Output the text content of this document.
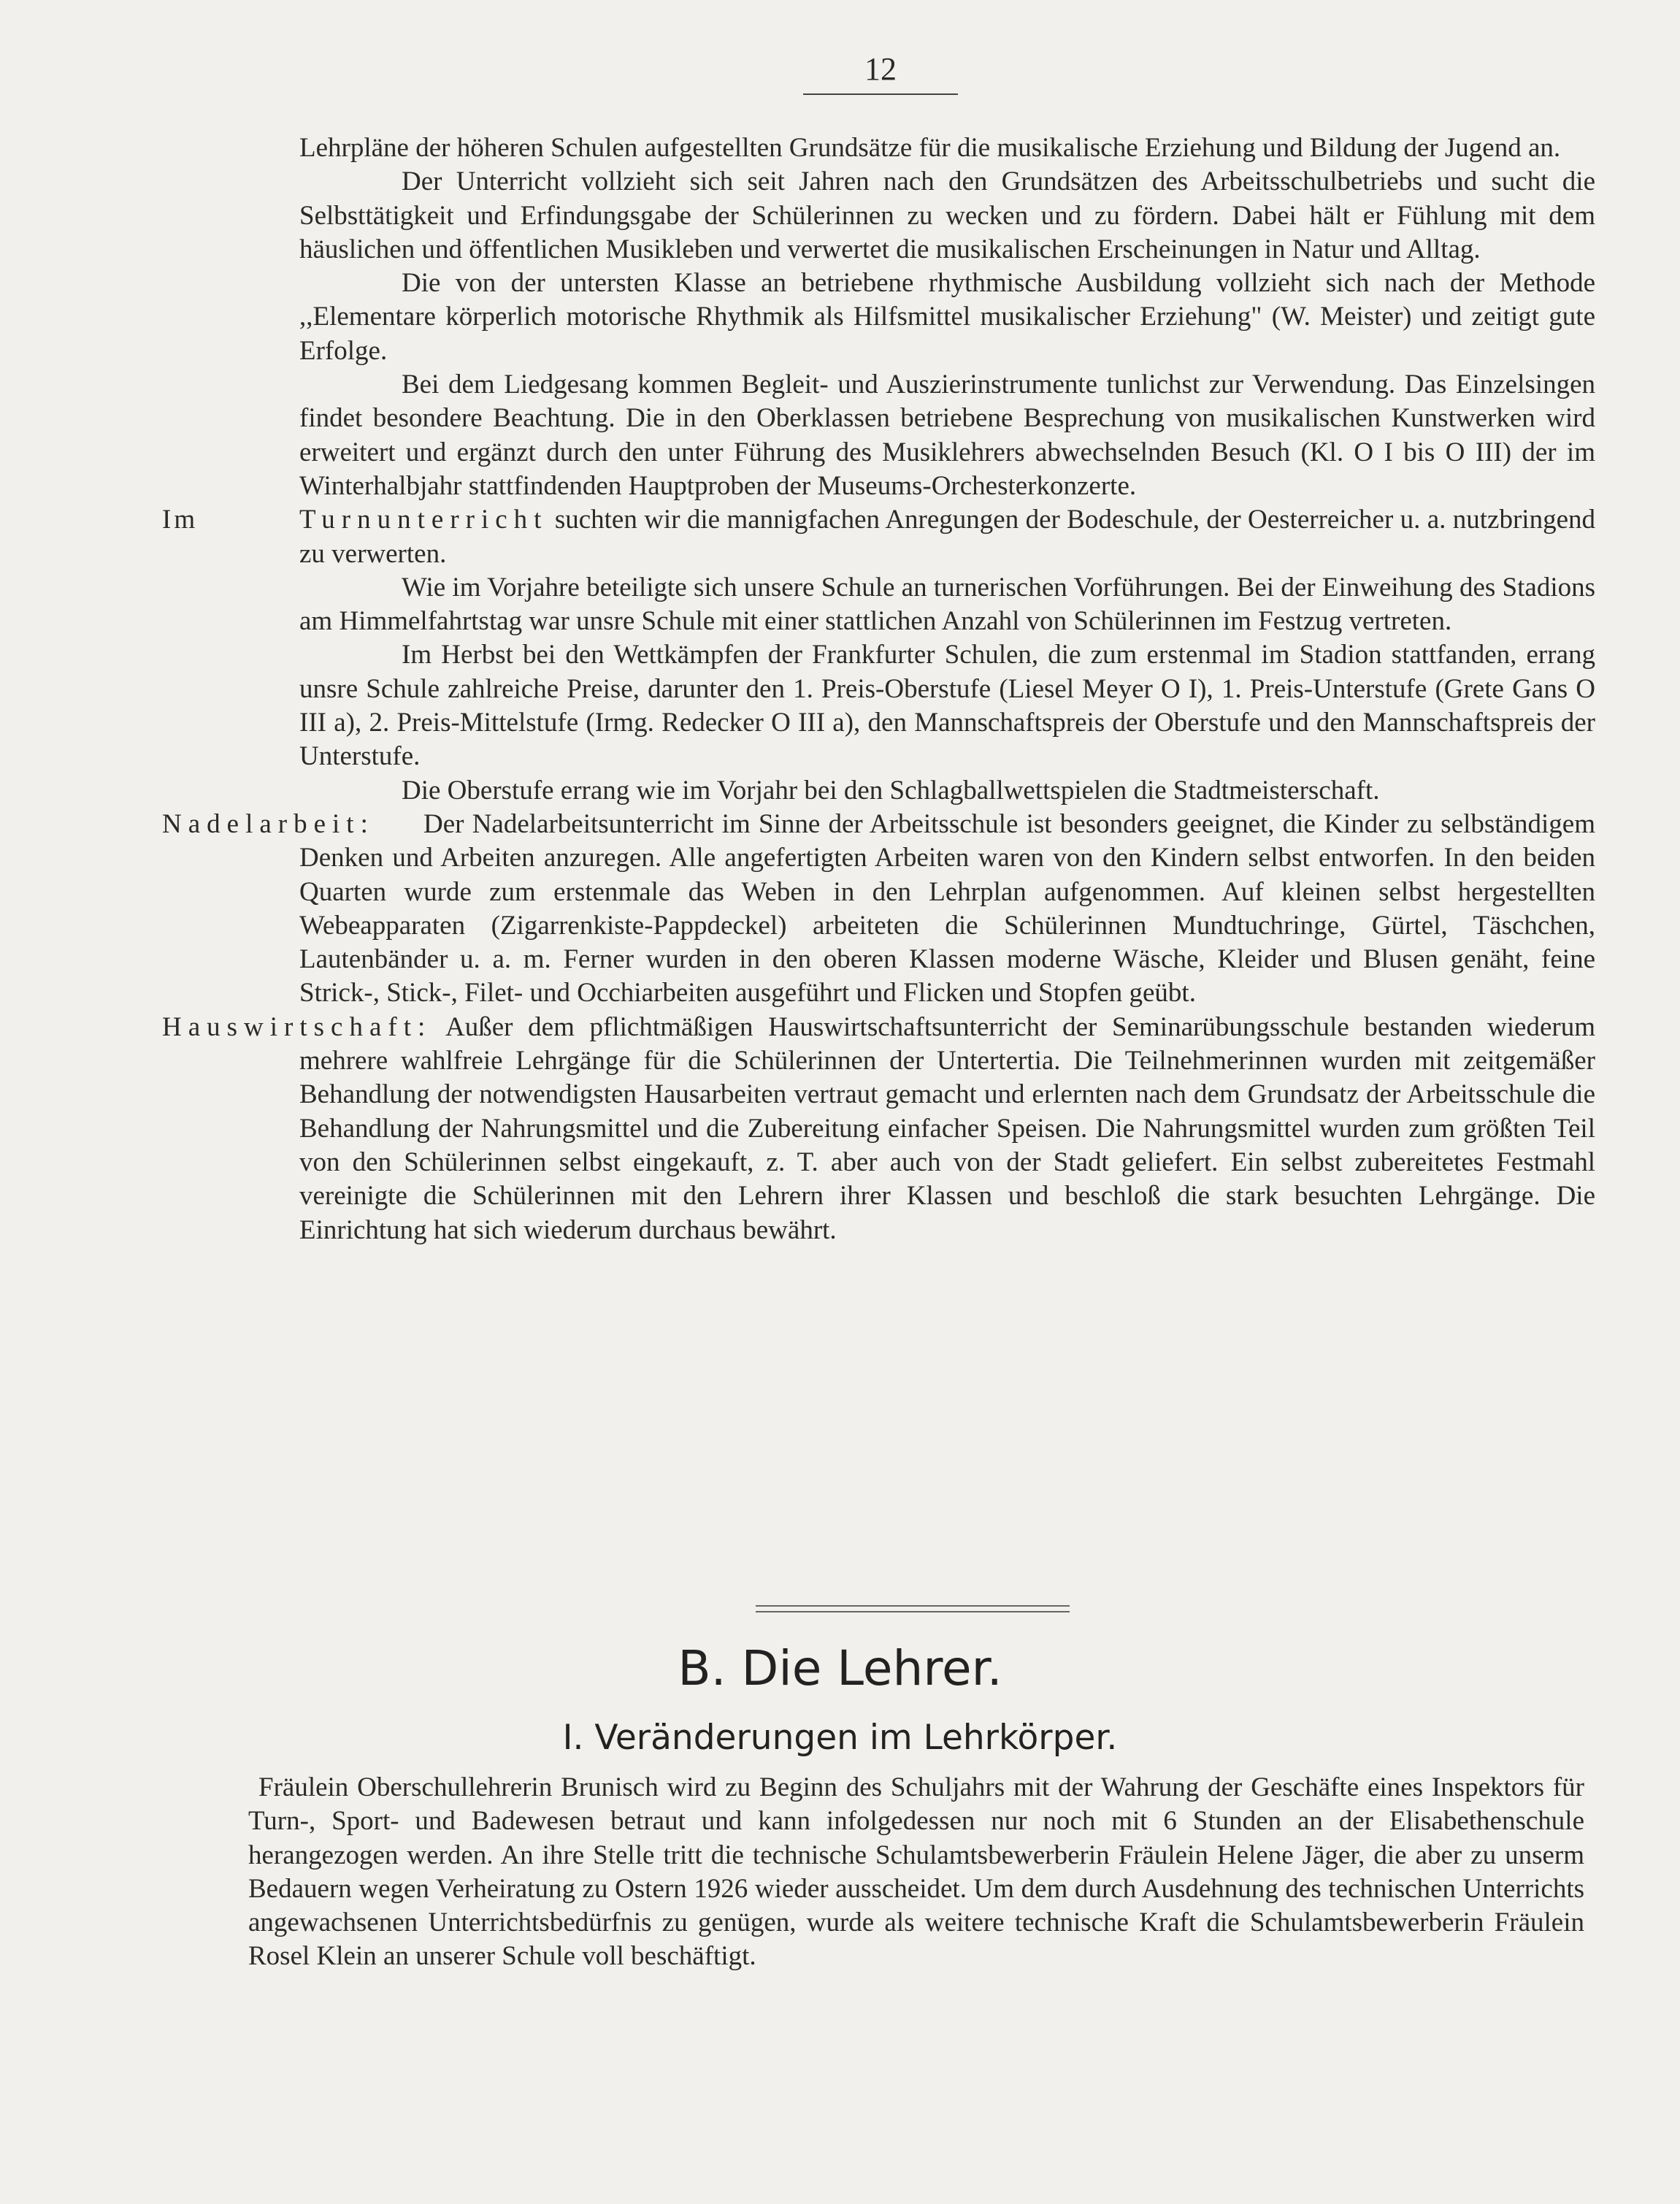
12

Lehrpläne der höheren Schulen aufgestellten Grundsätze für die musikalische Erziehung und Bildung der Jugend an.

Der Unterricht vollzieht sich seit Jahren nach den Grundsätzen des Arbeitsschulbetriebs und sucht die Selbsttätigkeit und Erfindungsgabe der Schülerinnen zu wecken und zu fördern. Dabei hält er Fühlung mit dem häuslichen und öffentlichen Musikleben und verwertet die musikalischen Erscheinungen in Natur und Alltag.

Die von der untersten Klasse an betriebene rhythmische Ausbildung vollzieht sich nach der Methode ,,Elementare körperlich motorische Rhythmik als Hilfsmittel musikalischer Erziehung" (W. Meister) und zeitigt gute Erfolge.

Bei dem Liedgesang kommen Begleit- und Auszierinstrumente tunlichst zur Verwendung. Das Einzelsingen findet besondere Beachtung. Die in den Oberklassen betriebene Besprechung von musikalischen Kunstwerken wird erweitert und ergänzt durch den unter Führung des Musiklehrers abwechselnden Besuch (Kl. O I bis O III) der im Winterhalbjahr stattfindenden Hauptproben der Museums-Orchesterkonzerte.

Im	Turnunterricht suchten wir die mannigfachen Anregungen der Bodeschule, der Oesterreicher u. a. nutzbringend zu verwerten.

Wie im Vorjahre beteiligte sich unsere Schule an turnerischen Vorführungen. Bei der Einweihung des Stadions am Himmelfahrtstag war unsre Schule mit einer stattlichen Anzahl von Schülerinnen im Festzug vertreten.

Im Herbst bei den Wettkämpfen der Frankfurter Schulen, die zum erstenmal im Stadion stattfanden, errang unsre Schule zahlreiche Preise, darunter den 1. Preis-Oberstufe (Liesel Meyer O I), 1. Preis-Unterstufe (Grete Gans O III a), 2. Preis-Mittelstufe (Irmg. Redecker O III a), den Mannschaftspreis der Oberstufe und den Mannschaftspreis der Unterstufe.

Die Oberstufe errang wie im Vorjahr bei den Schlagballwettspielen die Stadtmeisterschaft.

Nadelarbeit:	Der Nadelarbeitsunterricht im Sinne der Arbeitsschule ist besonders geeignet, die Kinder zu selbständigem Denken und Arbeiten anzuregen. Alle angefertigten Arbeiten waren von den Kindern selbst entworfen. In den beiden Quarten wurde zum erstenmale das Weben in den Lehrplan aufgenommen. Auf kleinen selbst hergestellten Webeapparaten (Zigarrenkiste-Pappdeckel) arbeiteten die Schülerinnen Mundtuchringe, Gürtel, Täschchen, Lautenbänder u. a. m. Ferner wurden in den oberen Klassen moderne Wäsche, Kleider und Blusen genäht, feine Strick-, Stick-, Filet- und Occhiarbeiten ausgeführt und Flicken und Stopfen geübt.

Hauswirtschaft: Außer dem pflichtmäßigen Hauswirtschaftsunterricht der Seminarübungsschule bestanden wiederum mehrere wahlfreie Lehrgänge für die Schülerinnen der Untertertia. Die Teilnehmerinnen wurden mit zeitgemäßer Behandlung der notwendigsten Hausarbeiten vertraut gemacht und erlernten nach dem Grundsatz der Arbeitsschule die Behandlung der Nahrungsmittel und die Zubereitung einfacher Speisen. Die Nahrungsmittel wurden zum größten Teil von den Schülerinnen selbst eingekauft, z. T. aber auch von der Stadt geliefert. Ein selbst zubereitetes Festmahl vereinigte die Schülerinnen mit den Lehrern ihrer Klassen und beschloß die stark besuchten Lehrgänge. Die Einrichtung hat sich wiederum durchaus bewährt.

B. Die Lehrer.
I. Veränderungen im Lehrkörper.

Fräulein Oberschullehrerin Brunisch wird zu Beginn des Schuljahrs mit der Wahrung der Geschäfte eines Inspektors für Turn-, Sport- und Badewesen betraut und kann infolgedessen nur noch mit 6 Stunden an der Elisabethenschule herangezogen werden. An ihre Stelle tritt die technische Schulamtsbewerberin Fräulein Helene Jäger, die aber zu unserm Bedauern wegen Verheiratung zu Ostern 1926 wieder ausscheidet. Um dem durch Ausdehnung des technischen Unterrichts angewachsenen Unterrichtsbedürfnis zu genügen, wurde als weitere technische Kraft die Schulamtsbewerberin Fräulein Rosel Klein an unserer Schule voll beschäftigt.
